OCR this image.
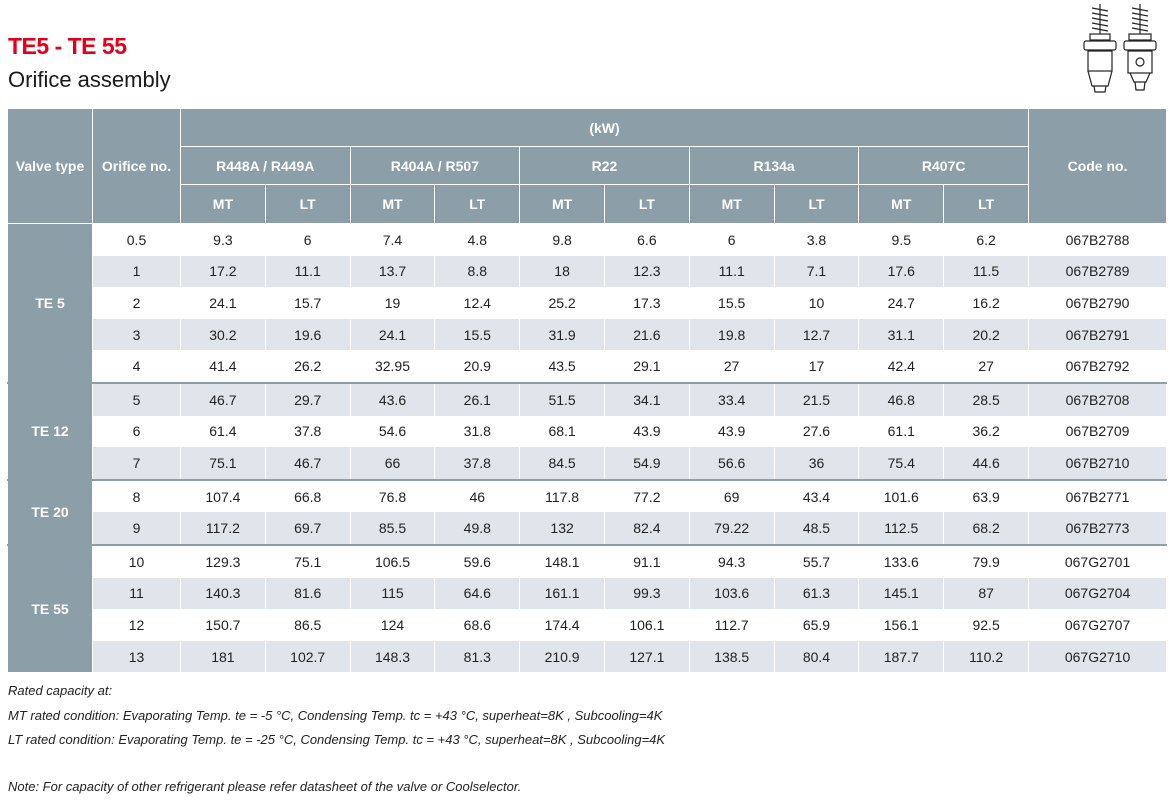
TE5 - TE 55
Orifice assembly
Valve type	Orifice no.	(kW)										Code no.
		R448A / R449A		R404A / R507		R22		R134a		R407C		
		MT	LT	MT	LT	MT	LT	MT	LT	MT	LT	
TE 5	0.5	9.3	6	7.4	4.8	9.8	6.6	6	3.8	9.5	6.2	067B2788
	1	17.2	11.1	13.7	8.8	18	12.3	11.1	7.1	17.6	11.5	067B2789
	2	24.1	15.7	19	12.4	25.2	17.3	15.5	10	24.7	16.2	067B2790
	3	30.2	19.6	24.1	15.5	31.9	21.6	19.8	12.7	31.1	20.2	067B2791
	4	41.4	26.2	32.95	20.9	43.5	29.1	27	17	42.4	27	067B2792
TE 12	5	46.7	29.7	43.6	26.1	51.5	34.1	33.4	21.5	46.8	28.5	067B2708
	6	61.4	37.8	54.6	31.8	68.1	43.9	43.9	27.6	61.1	36.2	067B2709
	7	75.1	46.7	66	37.8	84.5	54.9	56.6	36	75.4	44.6	067B2710
TE 20	8	107.4	66.8	76.8	46	117.8	77.2	69	43.4	101.6	63.9	067B2771
	9	117.2	69.7	85.5	49.8	132	82.4	79.22	48.5	112.5	68.2	067B2773
TE 55	10	129.3	75.1	106.5	59.6	148.1	91.1	94.3	55.7	133.6	79.9	067G2701
	11	140.3	81.6	115	64.6	161.1	99.3	103.6	61.3	145.1	87	067G2704
	12	150.7	86.5	124	68.6	174.4	106.1	112.7	65.9	156.1	92.5	067G2707
	13	181	102.7	148.3	81.3	210.9	127.1	138.5	80.4	187.7	110.2	067G2710

Rated capacity at:

MT rated condition: Evaporating Temp. te = -5 °C, Condensing Temp. tc = +43 °C, superheat=8K , Subcooling=4K

LT rated condition: Evaporating Temp. te = -25 °C, Condensing Temp. tc = +43 °C, superheat=8K , Subcooling=4K

Note: For capacity of other refrigerant please refer datasheet of the valve or Coolselector.
